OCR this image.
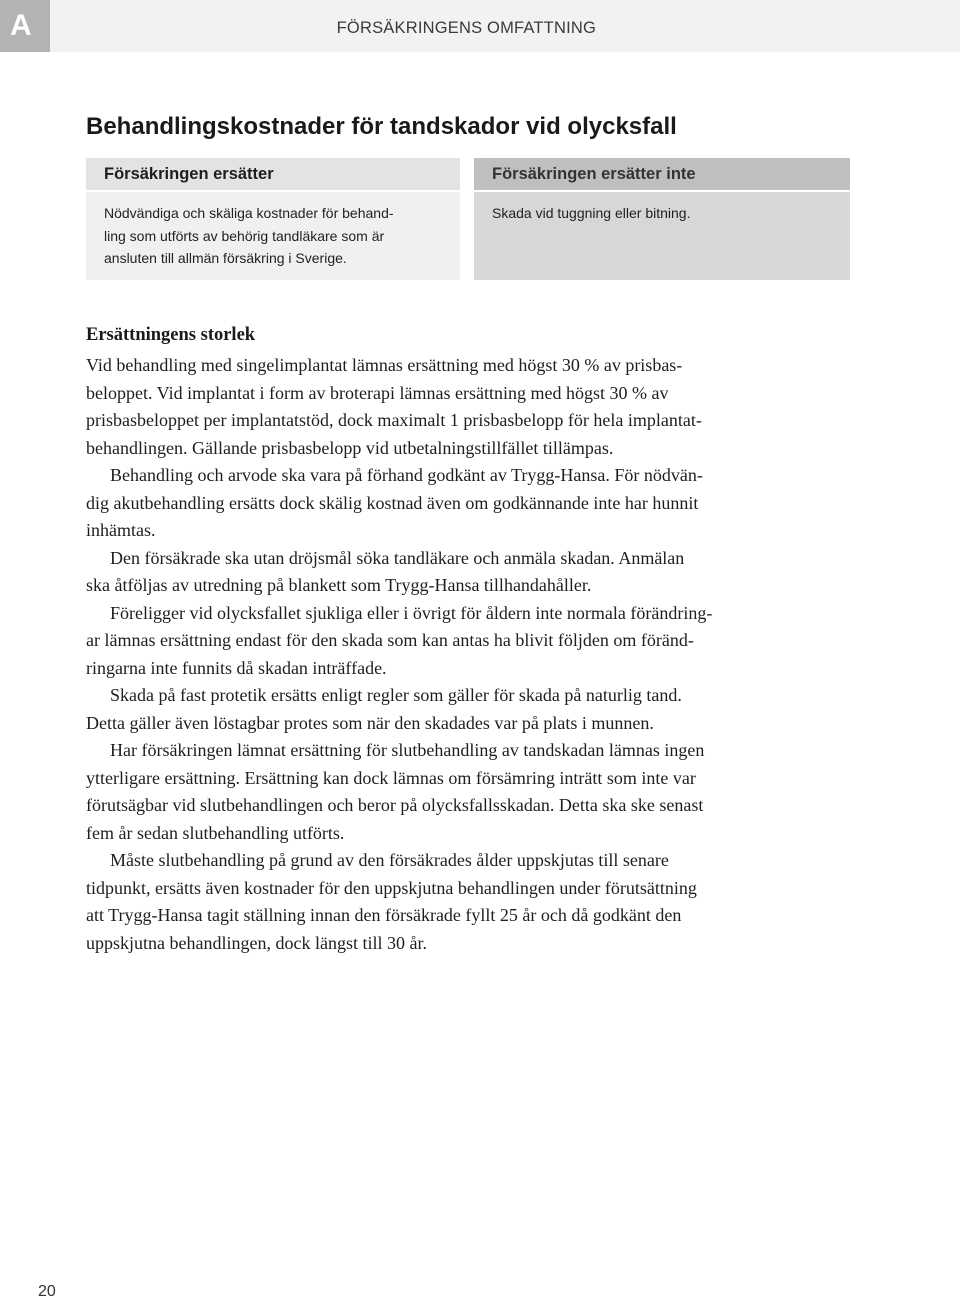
A	FÖRSÄKRINGENS OMFATTNING
Behandlingskostnader för tandskador vid olycksfall
Försäkringen ersätter
Nödvändiga och skäliga kostnader för behand-
ling som utförts av behörig tandläkare som är
ansluten till allmän försäkring i Sverige.
Försäkringen ersätter inte
Skada vid tuggning eller bitning.
Ersättningens storlek
Vid behandling med singelimplantat lämnas ersättning med högst 30 % av prisbas-
beloppet. Vid implantat i form av broterapi lämnas ersättning med högst 30 % av
prisbasbeloppet per implantatstöd, dock maximalt 1 prisbasbelopp för hela implantat-
behandlingen. Gällande prisbasbelopp vid utbetalningstillfället tillämpas.
Behandling och arvode ska vara på förhand godkänt av Trygg-Hansa. För nödvän-
dig akutbehandling ersätts dock skälig kostnad även om godkännande inte har hunnit
inhämtas.
Den försäkrade ska utan dröjsmål söka tandläkare och anmäla skadan. Anmälan
ska åtföljas av utredning på blankett som Trygg-Hansa tillhandahåller.
Föreligger vid olycksfallet sjukliga eller i övrigt för åldern inte normala förändring-
ar lämnas ersättning endast för den skada som kan antas ha blivit följden om föränd-
ringarna inte funnits då skadan inträffade.
Skada på fast protetik ersätts enligt regler som gäller för skada på naturlig tand.
Detta gäller även löstagbar protes som när den skadades var på plats i munnen.
Har försäkringen lämnat ersättning för slutbehandling av tandskadan lämnas ingen
ytterligare ersättning. Ersättning kan dock lämnas om försämring inträtt som inte var
förutsägbar vid slutbehandlingen och beror på olycksfallsskadan. Detta ska ske senast
fem år sedan slutbehandling utförts.
Måste slutbehandling på grund av den försäkrades ålder uppskjutas till senare
tidpunkt, ersätts även kostnader för den uppskjutna behandlingen under förutsättning
att Trygg-Hansa tagit ställning innan den försäkrade fyllt 25 år och då godkänt den
uppskjutna behandlingen, dock längst till 30 år.
20
